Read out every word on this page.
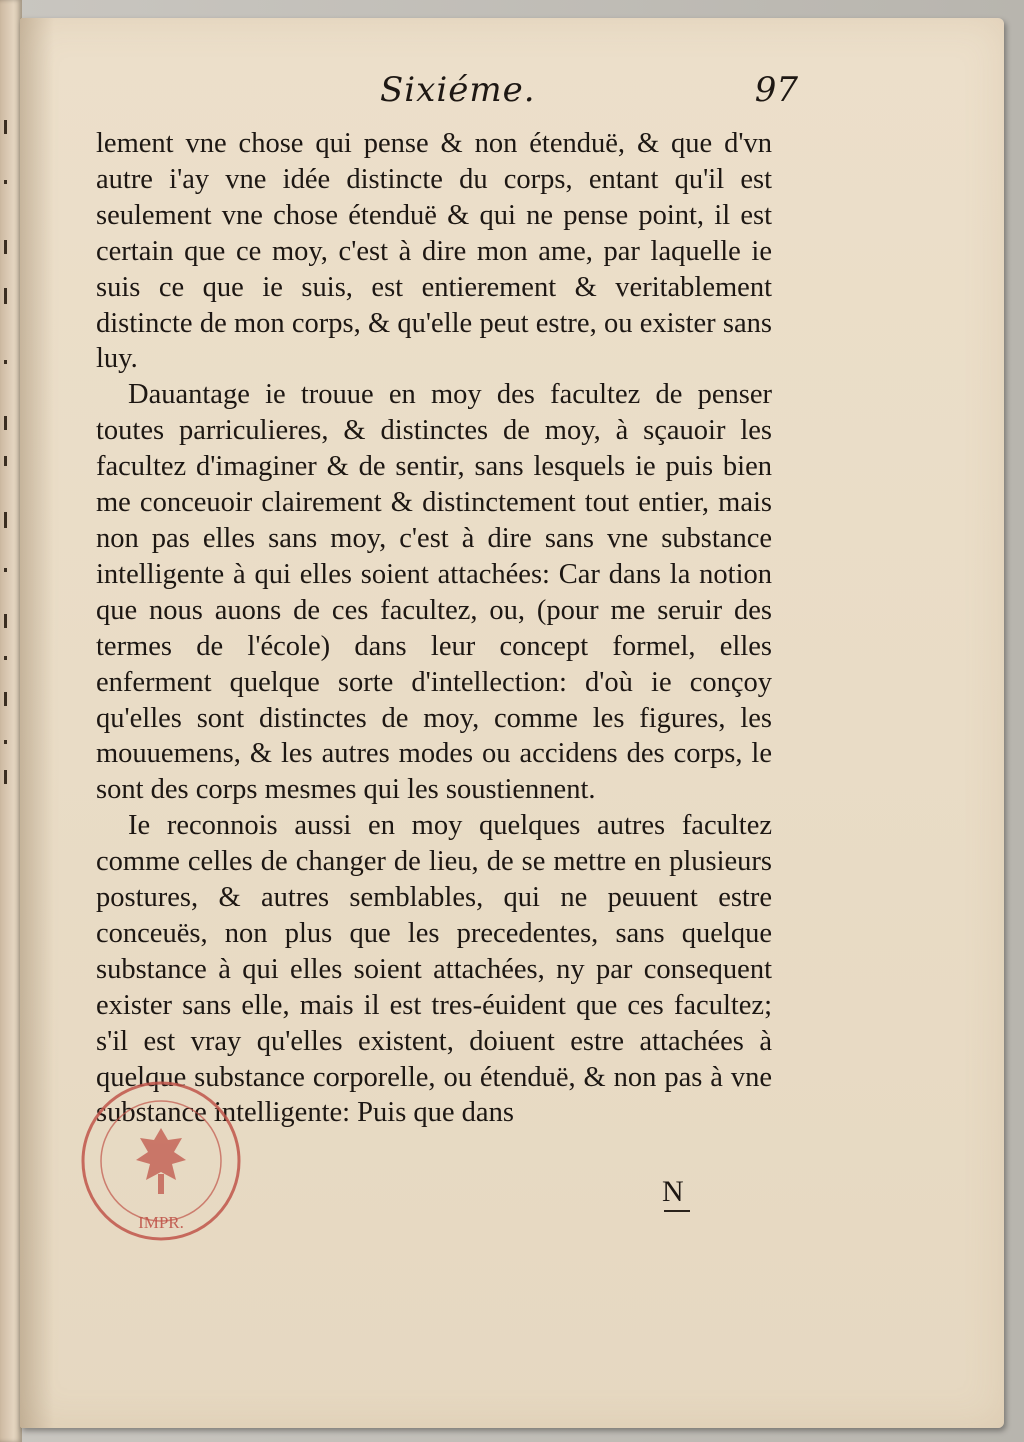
Sixiéme.	97

lement vne chose qui pense & non étenduë, & que d'vn autre i'ay vne idée distincte du corps, entant qu'il est seulement vne chose étenduë & qui ne pense point, il est certain que ce moy, c'est à dire mon ame, par laquelle ie suis ce que ie suis, est entierement & veritablement distincte de mon corps, & qu'elle peut estre, ou exister sans luy.

Dauantage ie trouue en moy des facultez de penser toutes parriculieres, & distinctes de moy, à sçauoir les facultez d'imaginer & de sentir, sans lesquels ie puis bien me conceuoir clairement & distinctement tout entier, mais non pas elles sans moy, c'est à dire sans vne substance intelligente à qui elles soient attachées: Car dans la notion que nous auons de ces facultez, ou, (pour me seruir des termes de l'école) dans leur concept formel, elles enferment quelque sorte d'intellection: d'où ie conçoy qu'elles sont distinctes de moy, comme les figures, les mouuemens, & les autres modes ou accidens des corps, le sont des corps mesmes qui les soustiennent.

Ie reconnois aussi en moy quelques autres facultez comme celles de changer de lieu, de se mettre en plusieurs postures, & autres semblables, qui ne peuuent estre conceuës, non plus que les precedentes, sans quelque substance à qui elles soient attachées, ny par consequent exister sans elle, mais il est tres-éuident que ces facultez; s'il est vray qu'elles existent, doiuent estre attachées à quelque substance corporelle, ou étenduë, & non pas à vne substance intelligente: Puis que dans

N
IMPR.
